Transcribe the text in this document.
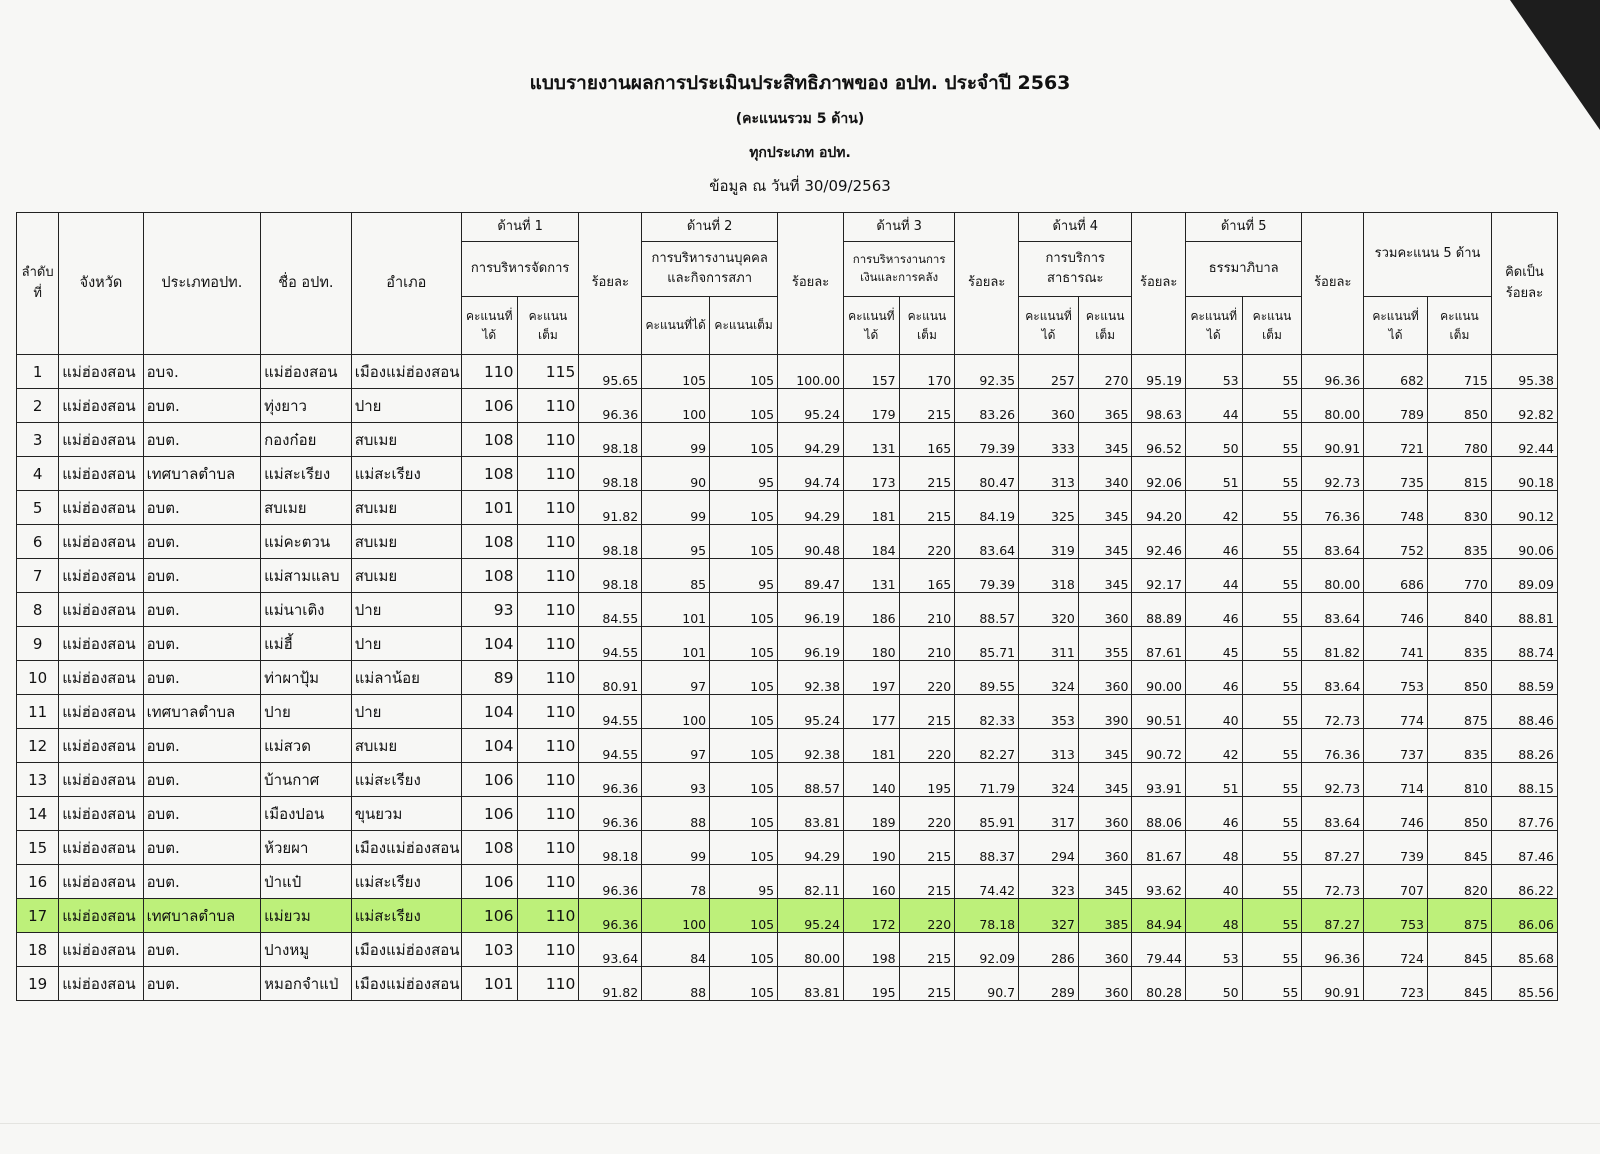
แบบรายงานผลการประเมินประสิทธิภาพของ อปท. ประจำปี 2563
(คะแนนรวม 5 ด้าน)
ทุกประเภท อปท.
ข้อมูล ณ วันที่ 30/09/2563
ลำดับที่	จังหวัด	ประเภทอปท.	ชื่อ อปท.	อำเภอ	ด้านที่ 1		ร้อยละ	ด้านที่ 2		ร้อยละ	ด้านที่ 3		ร้อยละ	ด้านที่ 4		ร้อยละ	ด้านที่ 5		ร้อยละ	รวมคะแนน 5 ด้าน		คิดเป็นร้อยละ
					การบริหารจัดการ			การบริหารงานบุคคลและกิจการสภา			การบริหารงานการเงินและการคลัง			การบริการสาธารณะ			ธรรมาภิบาล					
					คะแนนที่ได้	คะแนนเต็ม		คะแนนที่ได้	คะแนนเต็ม		คะแนนที่ได้	คะแนนเต็ม		คะแนนที่ได้	คะแนนเต็ม		คะแนนที่ได้	คะแนนเต็ม		คะแนนที่ได้	คะแนนเต็ม	
1	แม่ฮ่องสอน	อบจ.	แม่ฮ่องสอน	เมืองแม่ฮ่องสอน	110	115	95.65	105	105	100.00	157	170	92.35	257	270	95.19	53	55	96.36	682	715	95.38
2	แม่ฮ่องสอน	อบต.	ทุ่งยาว	ปาย	106	110	96.36	100	105	95.24	179	215	83.26	360	365	98.63	44	55	80.00	789	850	92.82
3	แม่ฮ่องสอน	อบต.	กองก๋อย	สบเมย	108	110	98.18	99	105	94.29	131	165	79.39	333	345	96.52	50	55	90.91	721	780	92.44
4	แม่ฮ่องสอน	เทศบาลตำบล	แม่สะเรียง	แม่สะเรียง	108	110	98.18	90	95	94.74	173	215	80.47	313	340	92.06	51	55	92.73	735	815	90.18
5	แม่ฮ่องสอน	อบต.	สบเมย	สบเมย	101	110	91.82	99	105	94.29	181	215	84.19	325	345	94.20	42	55	76.36	748	830	90.12
6	แม่ฮ่องสอน	อบต.	แม่คะตวน	สบเมย	108	110	98.18	95	105	90.48	184	220	83.64	319	345	92.46	46	55	83.64	752	835	90.06
7	แม่ฮ่องสอน	อบต.	แม่สามแลบ	สบเมย	108	110	98.18	85	95	89.47	131	165	79.39	318	345	92.17	44	55	80.00	686	770	89.09
8	แม่ฮ่องสอน	อบต.	แม่นาเติง	ปาย	93	110	84.55	101	105	96.19	186	210	88.57	320	360	88.89	46	55	83.64	746	840	88.81
9	แม่ฮ่องสอน	อบต.	แม่ฮี้	ปาย	104	110	94.55	101	105	96.19	180	210	85.71	311	355	87.61	45	55	81.82	741	835	88.74
10	แม่ฮ่องสอน	อบต.	ท่าผาปุ้ม	แม่ลาน้อย	89	110	80.91	97	105	92.38	197	220	89.55	324	360	90.00	46	55	83.64	753	850	88.59
11	แม่ฮ่องสอน	เทศบาลตำบล	ปาย	ปาย	104	110	94.55	100	105	95.24	177	215	82.33	353	390	90.51	40	55	72.73	774	875	88.46
12	แม่ฮ่องสอน	อบต.	แม่สวด	สบเมย	104	110	94.55	97	105	92.38	181	220	82.27	313	345	90.72	42	55	76.36	737	835	88.26
13	แม่ฮ่องสอน	อบต.	บ้านกาศ	แม่สะเรียง	106	110	96.36	93	105	88.57	140	195	71.79	324	345	93.91	51	55	92.73	714	810	88.15
14	แม่ฮ่องสอน	อบต.	เมืองปอน	ขุนยวม	106	110	96.36	88	105	83.81	189	220	85.91	317	360	88.06	46	55	83.64	746	850	87.76
15	แม่ฮ่องสอน	อบต.	ห้วยผา	เมืองแม่ฮ่องสอน	108	110	98.18	99	105	94.29	190	215	88.37	294	360	81.67	48	55	87.27	739	845	87.46
16	แม่ฮ่องสอน	อบต.	ป่าแป๋	แม่สะเรียง	106	110	96.36	78	95	82.11	160	215	74.42	323	345	93.62	40	55	72.73	707	820	86.22
17	แม่ฮ่องสอน	เทศบาลตำบล	แม่ยวม	แม่สะเรียง	106	110	96.36	100	105	95.24	172	220	78.18	327	385	84.94	48	55	87.27	753	875	86.06
18	แม่ฮ่องสอน	อบต.	ปางหมู	เมืองแม่ฮ่องสอน	103	110	93.64	84	105	80.00	198	215	92.09	286	360	79.44	53	55	96.36	724	845	85.68
19	แม่ฮ่องสอน	อบต.	หมอกจำแป่	เมืองแม่ฮ่องสอน	101	110	91.82	88	105	83.81	195	215	90.7	289	360	80.28	50	55	90.91	723	845	85.56
